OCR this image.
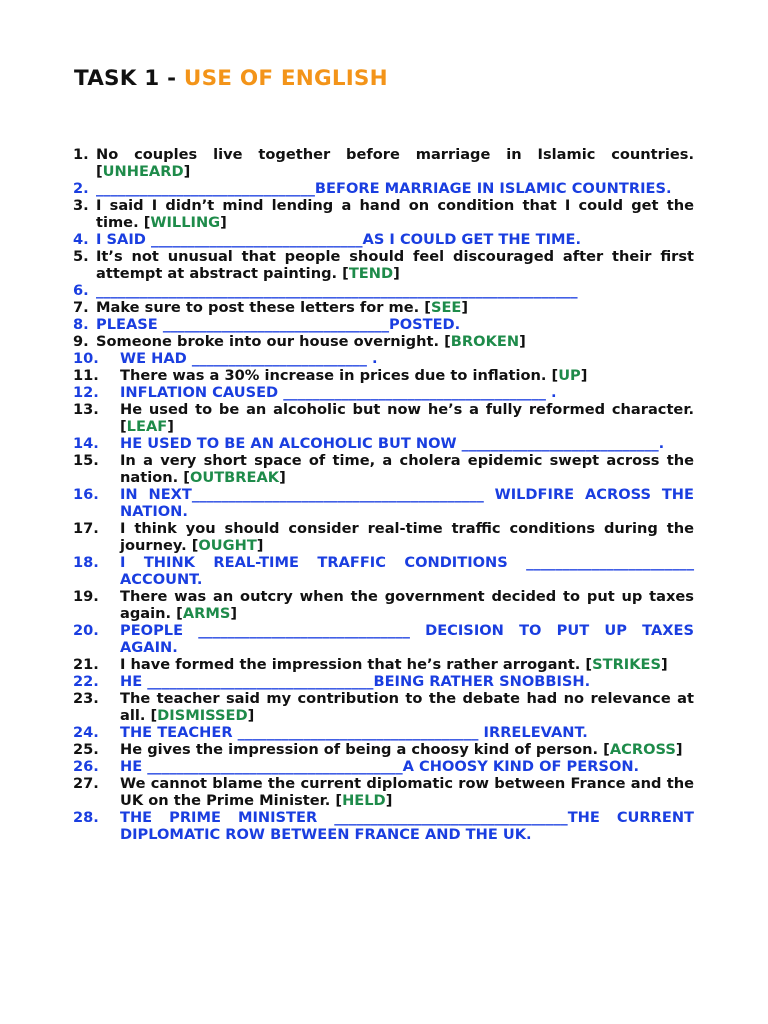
TASK 1 - USE OF ENGLISH
1. No couples live together before marriage in Islamic countries. [UNHEARD]
2. ______________________________BEFORE MARRIAGE IN ISLAMIC COUNTRIES.
3. I said I didn’t mind lending a hand on condition that I could get the time. [WILLING]
4. I SAID _____________________________AS I COULD GET THE TIME.
5. It’s not unusual that people should feel discouraged after their first attempt at abstract painting. [TEND]
6. __________________________________________________________________
7. Make sure to post these letters for me. [SEE]
8. PLEASE _______________________________POSTED.
9. Someone broke into our house overnight. [BROKEN]
10.	WE HAD ________________________ .
11.	There was a 30% increase in prices due to inflation. [UP]
12.	INFLATION CAUSED ____________________________________ .
13.	He used to be an alcoholic but now he’s a fully reformed character. [LEAF]
14.	HE USED TO BE AN ALCOHOLIC BUT NOW ___________________________.
15.	In a very short space of time, a cholera epidemic swept across the nation. [OUTBREAK]
16.	IN NEXT________________________________________ WILDFIRE ACROSS THE NATION.
17.	I think you should consider real-time traffic conditions during the journey. [OUGHT]
18.	I THINK REAL-TIME TRAFFIC CONDITIONS _______________________ ACCOUNT.
19.	There was an outcry when the government decided to put up taxes again. [ARMS]
20.	PEOPLE _____________________________ DECISION TO PUT UP TAXES AGAIN.
21.	I have formed the impression that he’s rather arrogant. [STRIKES]
22.	HE _______________________________BEING RATHER SNOBBISH.
23.	The teacher said my contribution to the debate had no relevance at all. [DISMISSED]
24.	THE TEACHER _________________________________ IRRELEVANT.
25.	He gives the impression of being a choosy kind of person. [ACROSS]
26.	HE ___________________________________A CHOOSY KIND OF PERSON.
27.	We cannot blame the current diplomatic row between France and the UK on the Prime Minister. [HELD]
28.	THE PRIME MINISTER ________________________________THE CURRENT DIPLOMATIC ROW BETWEEN FRANCE AND THE UK.
